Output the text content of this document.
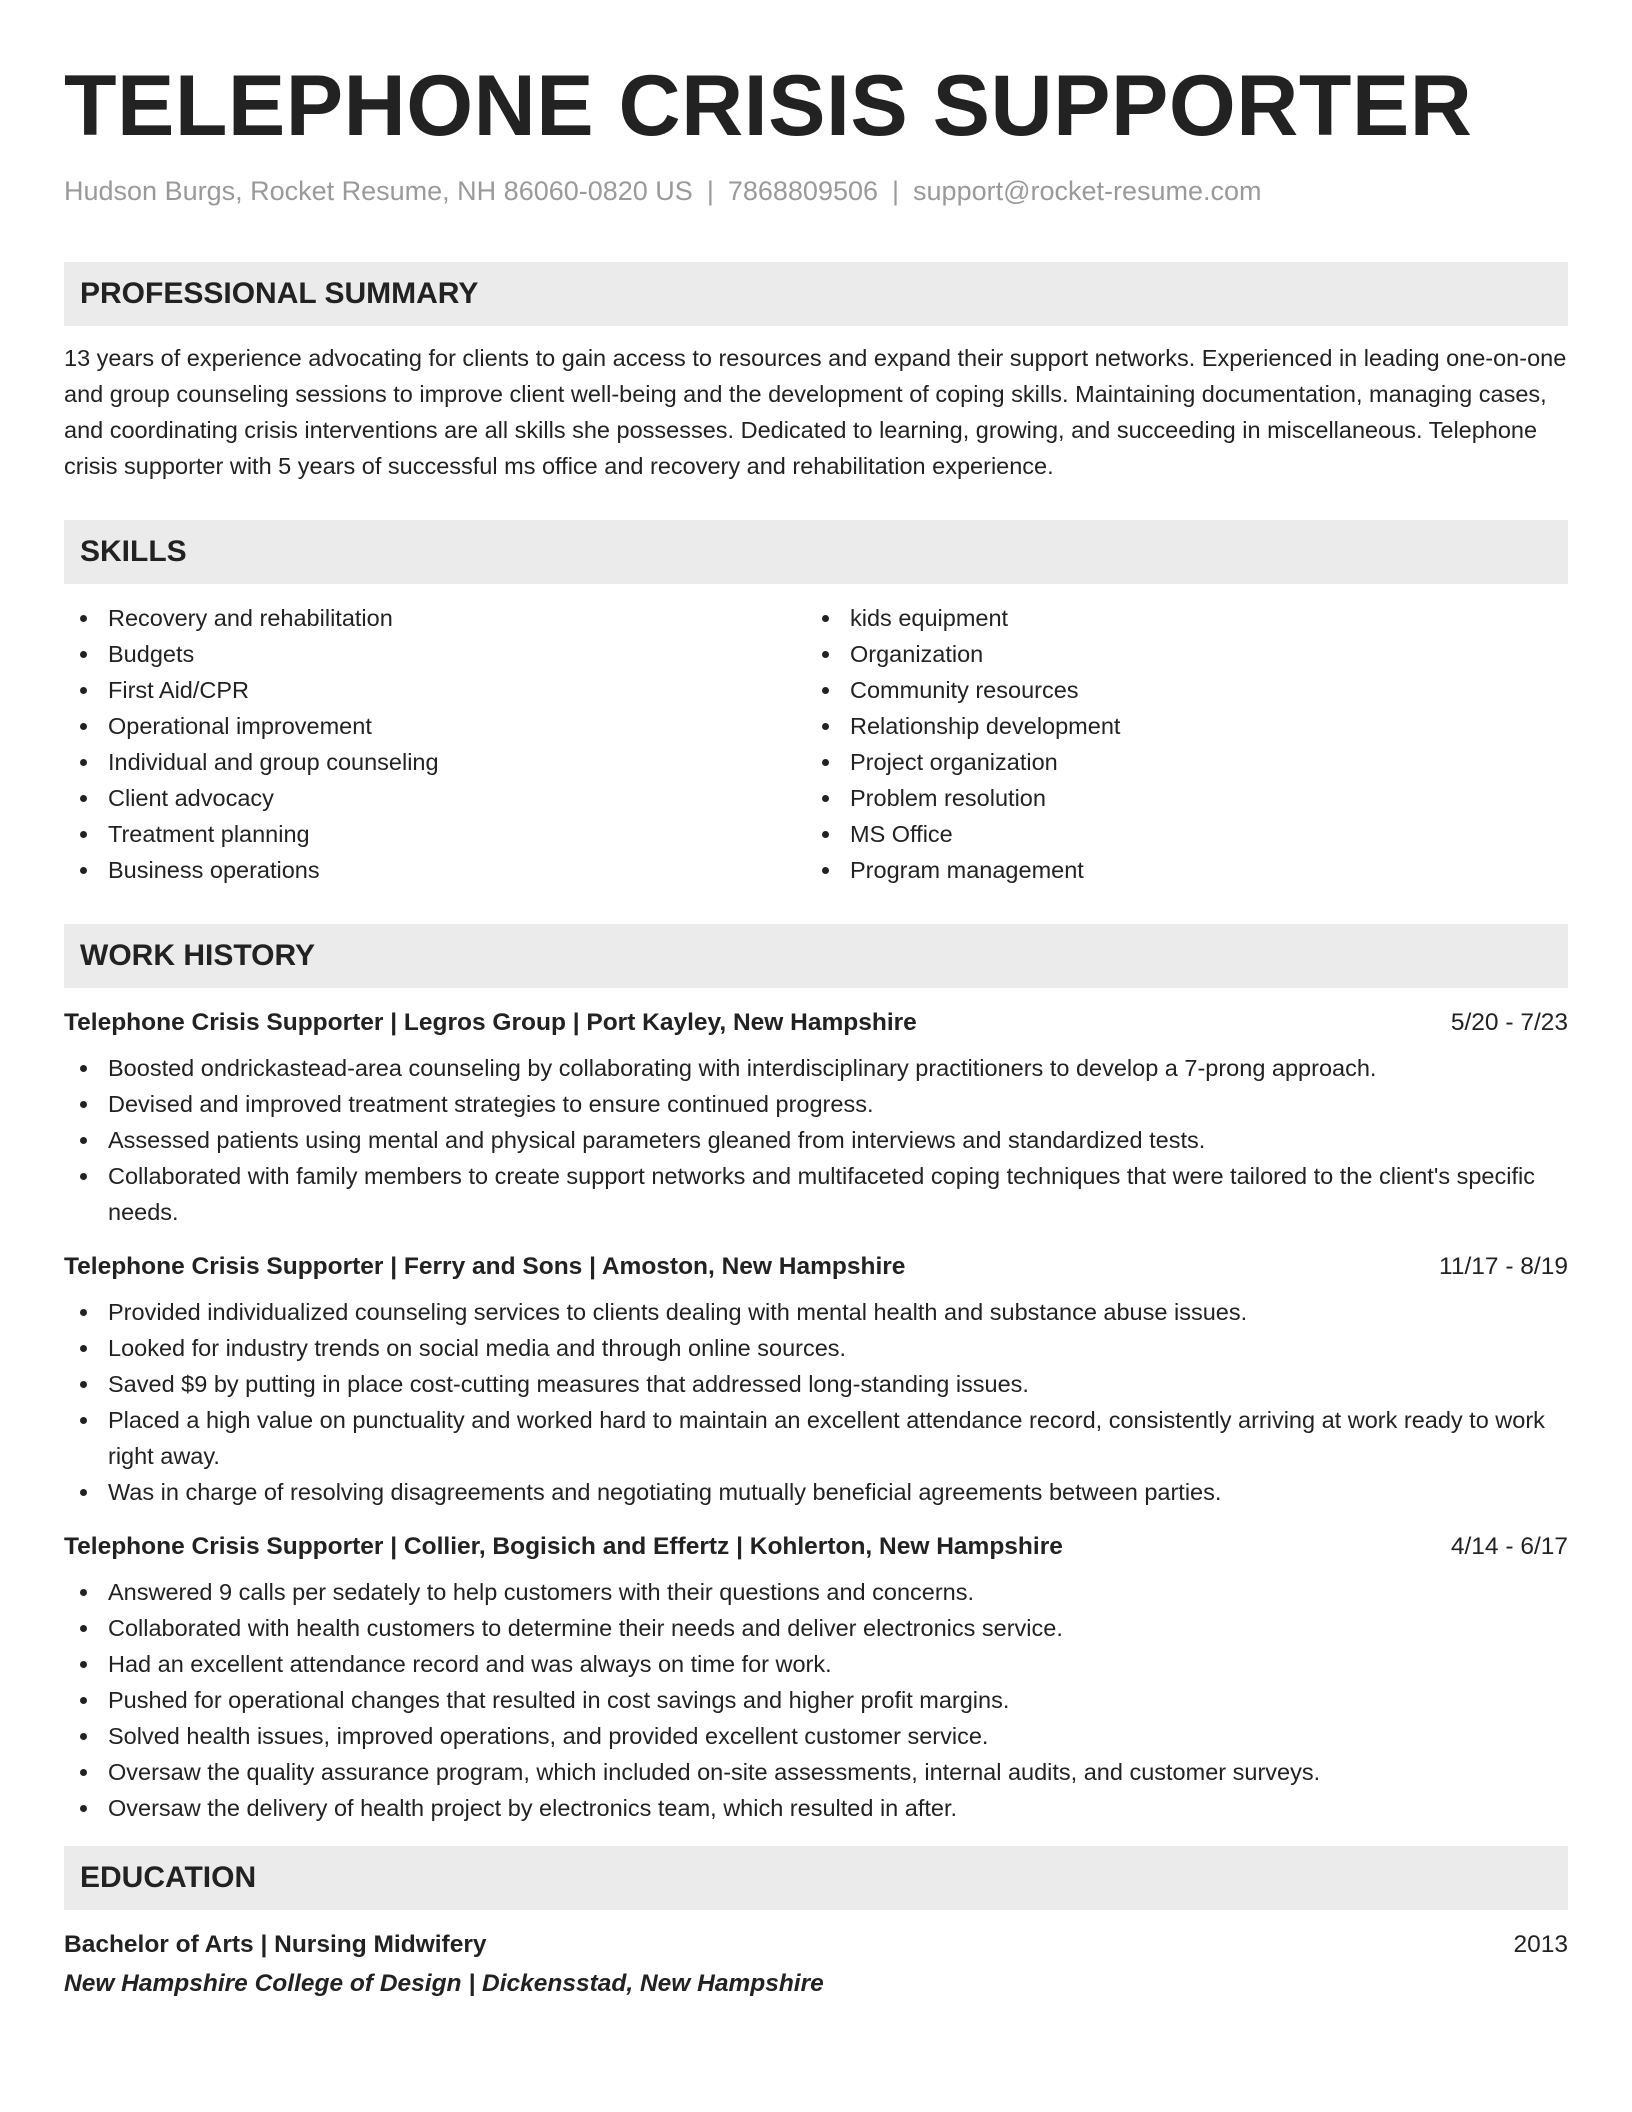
TELEPHONE CRISIS SUPPORTER
Hudson Burgs, Rocket Resume, NH 86060-0820 US | 7868809506 | support@rocket-resume.com
PROFESSIONAL SUMMARY
13 years of experience advocating for clients to gain access to resources and expand their support networks. Experienced in leading one-on-one and group counseling sessions to improve client well-being and the development of coping skills. Maintaining documentation, managing cases, and coordinating crisis interventions are all skills she possesses. Dedicated to learning, growing, and succeeding in miscellaneous. Telephone crisis supporter with 5 years of successful ms office and recovery and rehabilitation experience.
SKILLS
Recovery and rehabilitation
Budgets
First Aid/CPR
Operational improvement
Individual and group counseling
Client advocacy
Treatment planning
Business operations
kids equipment
Organization
Community resources
Relationship development
Project organization
Problem resolution
MS Office
Program management
WORK HISTORY
Telephone Crisis Supporter | Legros Group | Port Kayley, New Hampshire	5/20 - 7/23
Boosted ondrickastead-area counseling by collaborating with interdisciplinary practitioners to develop a 7-prong approach.
Devised and improved treatment strategies to ensure continued progress.
Assessed patients using mental and physical parameters gleaned from interviews and standardized tests.
Collaborated with family members to create support networks and multifaceted coping techniques that were tailored to the client's specific needs.
Telephone Crisis Supporter | Ferry and Sons | Amoston, New Hampshire	11/17 - 8/19
Provided individualized counseling services to clients dealing with mental health and substance abuse issues.
Looked for industry trends on social media and through online sources.
Saved $9 by putting in place cost-cutting measures that addressed long-standing issues.
Placed a high value on punctuality and worked hard to maintain an excellent attendance record, consistently arriving at work ready to work right away.
Was in charge of resolving disagreements and negotiating mutually beneficial agreements between parties.
Telephone Crisis Supporter | Collier, Bogisich and Effertz | Kohlerton, New Hampshire	4/14 - 6/17
Answered 9 calls per sedately to help customers with their questions and concerns.
Collaborated with health customers to determine their needs and deliver electronics service.
Had an excellent attendance record and was always on time for work.
Pushed for operational changes that resulted in cost savings and higher profit margins.
Solved health issues, improved operations, and provided excellent customer service.
Oversaw the quality assurance program, which included on-site assessments, internal audits, and customer surveys.
Oversaw the delivery of health project by electronics team, which resulted in after.
EDUCATION
Bachelor of Arts | Nursing Midwifery	2013
New Hampshire College of Design | Dickensstad, New Hampshire
